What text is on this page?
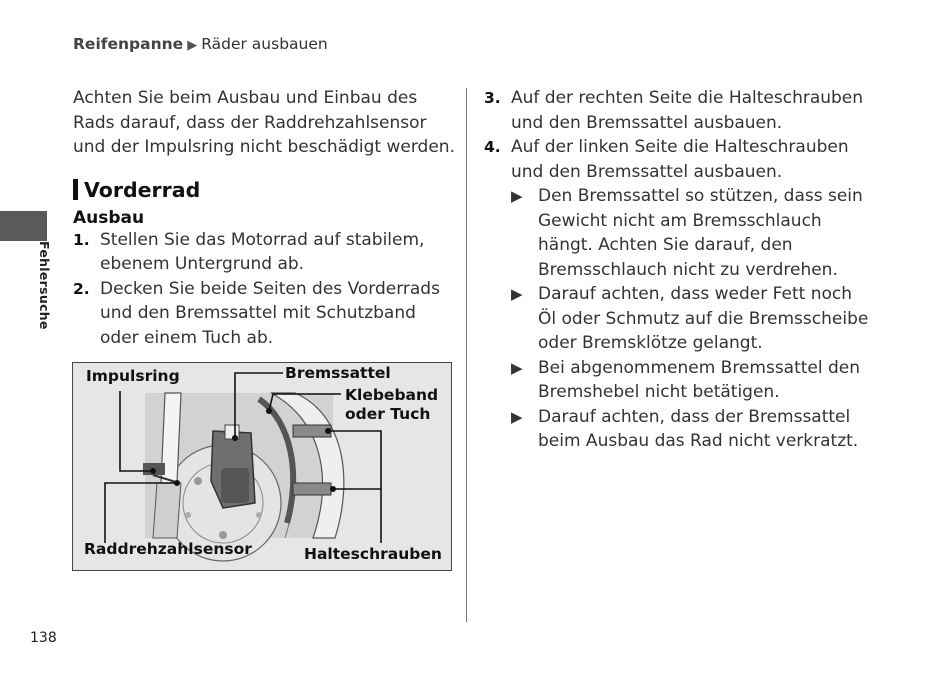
Reifenpanne ▶ Räder ausbauen
Fehlersuche
138

Achten Sie beim Ausbau und Einbau des Rads darauf, dass der Raddrehzahlsensor und der Impulsring nicht beschädigt werden.

Vorderrad
Ausbau
1. Stellen Sie das Motorrad auf stabilem, ebenem Untergrund ab.
2. Decken Sie beide Seiten des Vorderrads und den Bremssattel mit Schutzband oder einem Tuch ab.
Impulsring	Bremssattel
Klebeband
oder Tuch
Raddrehzahlsensor	Halteschrauben
3. Auf der rechten Seite die Halteschrauben und den Bremssattel ausbauen.
4. Auf der linken Seite die Halteschrauben und den Bremssattel ausbauen.
▶ Den Bremssattel so stützen, dass sein Gewicht nicht am Bremsschlauch hängt. Achten Sie darauf, den Bremsschlauch nicht zu verdrehen.
▶ Darauf achten, dass weder Fett noch Öl oder Schmutz auf die Bremsscheibe oder Bremsklötze gelangt.
▶ Bei abgenommenem Bremssattel den Bremshebel nicht betätigen.
▶ Darauf achten, dass der Bremssattel beim Ausbau das Rad nicht verkratzt.
